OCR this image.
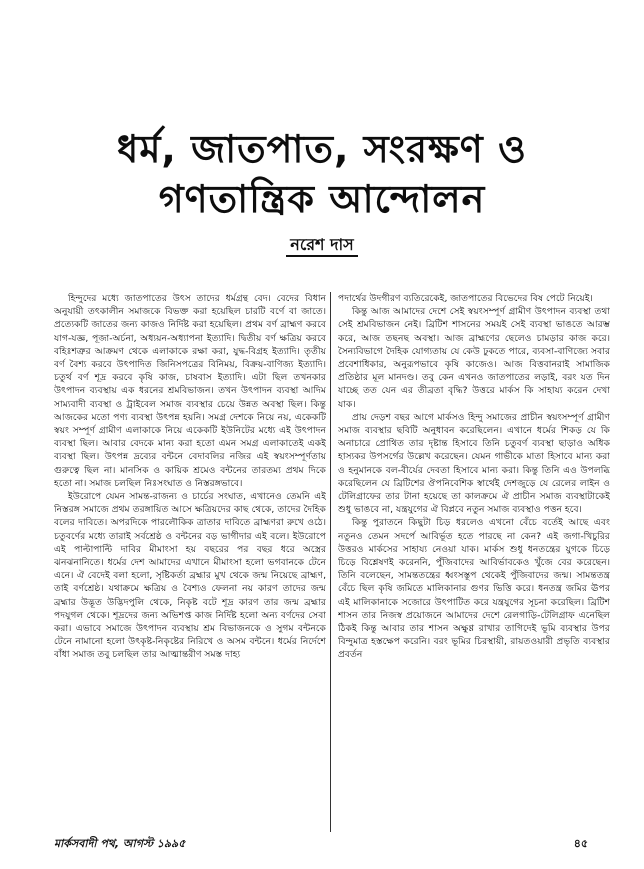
ধর্ম, জাতপাত, সংরক্ষণ ও
গণতান্ত্রিক আন্দোলন
নরেশ দাস

হিন্দুদের মধ্যে জাতপাতের উৎস তাদের ধর্মগ্রন্থ বেদ। বেদের বিধান অনুযায়ী তৎকালীন সমাজকে বিভক্ত করা হয়েছিল চারটি বর্ণে বা জাতে। প্রত্যেকটি জাতের জন্য কাজও নির্দিষ্ট করা হয়েছিল। প্রথম বর্ণ ব্রাহ্মণ করবে যাগ-যজ্ঞ, পূজা-অর্চনা, অধ্যয়ন-অধ্যাপনা ইত্যাদি। দ্বিতীয় বর্ণ ক্ষত্রিয় করবে বহিঃশত্রুর আক্রমণ থেকে এলাকাকে রক্ষা করা, যুদ্ধ-বিগ্রহ ইত্যাদি। তৃতীয় বর্ণ বৈশ্য করবে উৎপাদিত জিনিসপত্রের বিনিময়, বিক্রয়-বাণিজ্য ইত্যাদি। চতুর্থ বর্ণ শূদ্র করবে কৃষি কাজ, চাষবাস ইত্যাদি। এটা ছিল তখনকার উৎপাদন ব্যবস্থায় এক ধরনের শ্রমবিভাজন। তখন উৎপাদন ব্যবস্থা আদিম সাম্যবাদী ব্যবস্থা ও ট্রাইবেল সমাজ ব্যবস্থার চেয়ে উন্নত অবস্থা ছিল। কিন্তু আজকের মতো পণ্য ব্যবস্থা উৎপন্ন হয়নি। সমগ্র দেশকে নিয়ে নয়, একেকটি স্বয়ং সম্পূর্ণ গ্রামীণ এলাকাকে নিয়ে একেকটি ইউনিটের মধ্যে এই উৎপাদন ব্যবস্থা ছিল। আবার বেদকে মান্য করা হতো এমন সমগ্র এলাকাতেই একই ব্যবস্থা ছিল। উৎপন্ন দ্রব্যের বন্টনে বেদাবলির নজির এই স্বয়ংসম্পূর্ণতায় গুরুত্বে ছিল না। মানসিক ও কায়িক শ্রমেও বন্টনের তারতম্য প্রথম দিকে হতো না। সমাজ চলছিল নিঃসংঘাত ও নিস্তরঙ্গভাবে।

ইউরোপে যেমন সামন্ত-রাজন্য ও চার্চের সংঘাত, এখানেও তেমনি এই নিস্তরঙ্গ সমাজে প্রথম তরঙ্গায়িত আসে ক্ষত্রিয়দের কাছ থেকে, তাদের দৈহিক বলের দাবিতে। অপরদিকে পারলৌকিক ত্রাতার দাবিতে ব্রাহ্মণরা রুখে ওঠে। চতুবর্ণের মধ্যে তারাই সর্বশ্রেষ্ঠ ও বন্টনের বড় ভাগীদার এই বলে। ইউরোপে এই পাল্টাপাল্টি দাবির মীমাংসা হয় বছরের পর বছর ধরে অস্ত্রের ঝনঝনানিতে। ধর্মের দেশ আমাদের এখানে মীমাংসা হলো ভগবানকে টেনে এনে। ঐ বেদেই বলা হলো, সৃষ্টিকর্তা ব্রহ্মার মুখ থেকে জন্ম নিয়েছে ব্রাহ্মণ, তাই বর্ণশ্রেষ্ঠ। যথাক্রমে ক্ষত্রিয় ও বৈশ্যও ফেলনা নয় কারণ তাদের জন্ম ব্রহ্মার উদ্ভূত উদ্ভিদপুলি থেকে, নিকৃষ্ট বটে শূদ্র কারণ তার জন্ম ব্রহ্মার পদযুগল থেকে। শূদ্রদের জন্য অভিশপ্ত কাজ নির্দিষ্ট হলো অন্য বর্ণদের সেবা করা। এভাবে সমাজে উৎপাদন ব্যবস্থায় শ্রম বিভাজনকে ও সুগম বন্টনকে টেনে নামানো হলো উৎকৃষ্ট-নিকৃষ্টের নিরিখে ও অসম বন্টনে। ধর্মের নির্দেশে বাঁধা সমাজ তবু চলছিল তার আত্মান্তরীণ সমস্ত দাহ্য

পদার্থের উদগীরণ ব্যতিরেকেই, জাতপাতের বিভেদের বিষ পেটে নিয়েই।

কিন্তু আজ আমাদের দেশে সেই স্বয়ংসম্পূর্ণ গ্রামীণ উৎপাদন ব্যবস্থা তথা সেই শ্রমবিভাজন নেই। ব্রিটিশ শাসনের সময়ই সেই ব্যবস্থা ভাঙতে আরম্ভ করে, আজ তছনছ অবস্থা। আজ ব্রাহ্মণের ছেলেও চামড়ার কাজ করে। সৈন্যবিভাগে দৈহিক যোগ্যতায় যে কেউ ঢুকতে পারে, ব্যবসা-বাণিজ্যে সবার প্রবেশাধিকার, অনুরূপভাবে কৃষি কাজেও। আজ বিত্তবানরাই সামাজিক প্রতিষ্ঠার মূল মানদণ্ড। তবু কেন এখনও জাতপাতের লড়াই, বরং যত দিন যাচ্ছে তত যেন এর তীব্রতা বৃদ্ধি? উত্তরে মার্কস কি সাহায্য করেন দেখা যাক।

প্রায় দেড়শ বছর আগে মার্কসও হিন্দু সমাজের প্রাচীন স্বয়ংসম্পূর্ণ গ্রামীণ সমাজ ব্যবস্থার ছবিটি অনুধাবন করেছিলেন। এখানে ধর্মের শিকড় যে কি অনাচারে প্রোথিত তার দৃষ্টান্ত হিসাবে তিনি চতুবর্ণ ব্যবস্থা ছাড়াও অধিক হাস্যকর উপসর্গের উল্লেখ করেছেন। যেমন গাভীকে মাতা হিসাবে মান্য করা ও হনুমানকে বল-বীর্যের দেবতা হিসাবে মান্য করা। কিন্তু তিনি এও উপলব্ধি করেছিলেন যে ব্রিটিশের ঔপনিবেশিক স্বার্থেই দেশজুড়ে যে রেলের লাইন ও টেলিগ্রাফের তার টানা হয়েছে তা কালক্রমে ঐ প্রাচীন সমাজ ব্যবস্থাটাকেই শুধু ভাঙবে না, যন্ত্রযুগের ঐ বিপ্লবে নতুন সমাজ ব্যবস্থাও পত্তন হবে।

কিন্তু পুরাতনে কিছুটা চিড় ধরলেও এখনো বেঁচে বর্তেই আছে এবং নতুনও তেমন সদর্পে আবির্ভূত হতে পারছে না কেন? এই জগা-খিচুরির উত্তরও মার্কসের সাহায্য নেওয়া যাক। মার্কস শুধু ধনতন্ত্রের যুগকে চিড়ে চিড়ে বিশ্লেষণই করেননি, পুঁজিবাদের আবির্ভাবকেও খুঁজে বের করেছেন। তিনি বলেছেন, সামন্ততন্ত্রের ধ্বংসস্তূপ থেকেই পুঁজিবাদের জন্ম। সামন্ততন্ত্র বেঁচে ছিল কৃষি জমিতে মালিকানার গুণর ভিত্তি করে। ধনতন্ত্র জমির ঊপর এই মালিকানাকে সজোরে উৎপাটিত করে যন্ত্রযুগের সূচনা করেছিল। ব্রিটিশ শাসন তার নিজস্ব প্রয়োজনে আমাদের দেশে রেলগাড়ি-টেলিগ্রাফ এনেছিল ঠিকই কিন্তু আবার তার শাসন অক্ষুণ্ণ রাখার তাগিদেই ভূমি ব্যবস্থার উপর বিন্দুমাত্র হস্তক্ষেপ করেনি। বরং ভূমির চিরস্থায়ী, রায়তওয়ারী প্রভৃতি ব্যবস্থার প্রবর্তন

মার্কসবাদী পথ, আগস্ট ১৯৯৫	৪৫
